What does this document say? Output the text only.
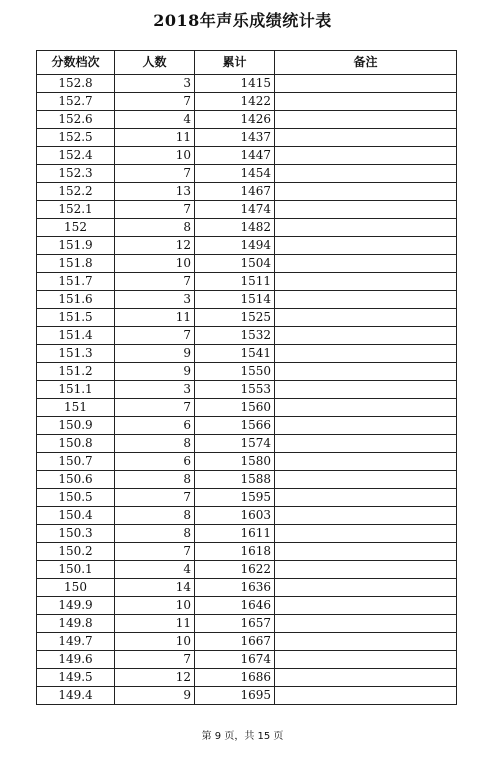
2018年声乐成绩统计表
分数档次	人数	累计	备注
152.8	3	1415	
152.7	7	1422	
152.6	4	1426	
152.5	11	1437	
152.4	10	1447	
152.3	7	1454	
152.2	13	1467	
152.1	7	1474	
152	8	1482	
151.9	12	1494	
151.8	10	1504	
151.7	7	1511	
151.6	3	1514	
151.5	11	1525	
151.4	7	1532	
151.3	9	1541	
151.2	9	1550	
151.1	3	1553	
151	7	1560	
150.9	6	1566	
150.8	8	1574	
150.7	6	1580	
150.6	8	1588	
150.5	7	1595	
150.4	8	1603	
150.3	8	1611	
150.2	7	1618	
150.1	4	1622	
150	14	1636	
149.9	10	1646	
149.8	11	1657	
149.7	10	1667	
149.6	7	1674	
149.5	12	1686	
149.4	9	1695	
第 9 页，共 15 页
